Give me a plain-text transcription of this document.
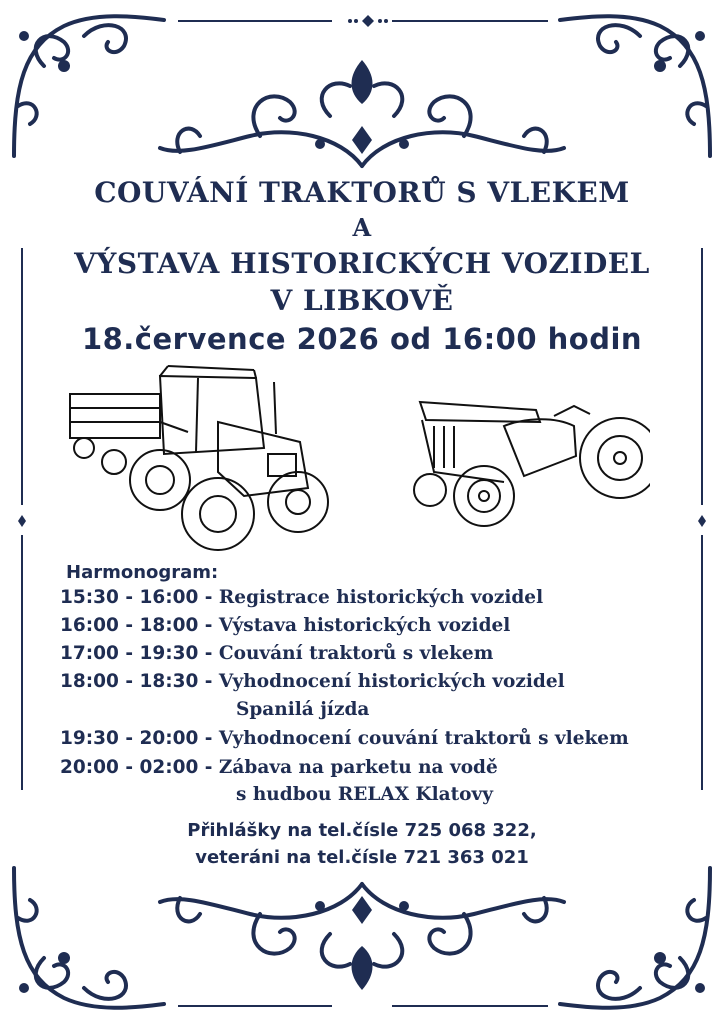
COUVÁNÍ TRAKTORŮ S VLEKEM
A
VÝSTAVA HISTORICKÝCH VOZIDEL
V LIBKOVĚ
18.července 2026 od 16:00 hodin
Harmonogram:
15:30 - 16:00 - Registrace historických vozidel
16:00 - 18:00 - Výstava historických vozidel
17:00 - 19:30 - Couvání traktorů s vlekem
18:00 - 18:30 - Vyhodnocení historických vozidel
Spanilá jízda
19:30 - 20:00 - Vyhodnocení couvání traktorů s vlekem
20:00 - 02:00 - Zábava na parketu na vodě
s hudbou RELAX Klatovy
Přihlášky na tel.čísle 725 068 322,
veteráni na tel.čísle 721 363 021
